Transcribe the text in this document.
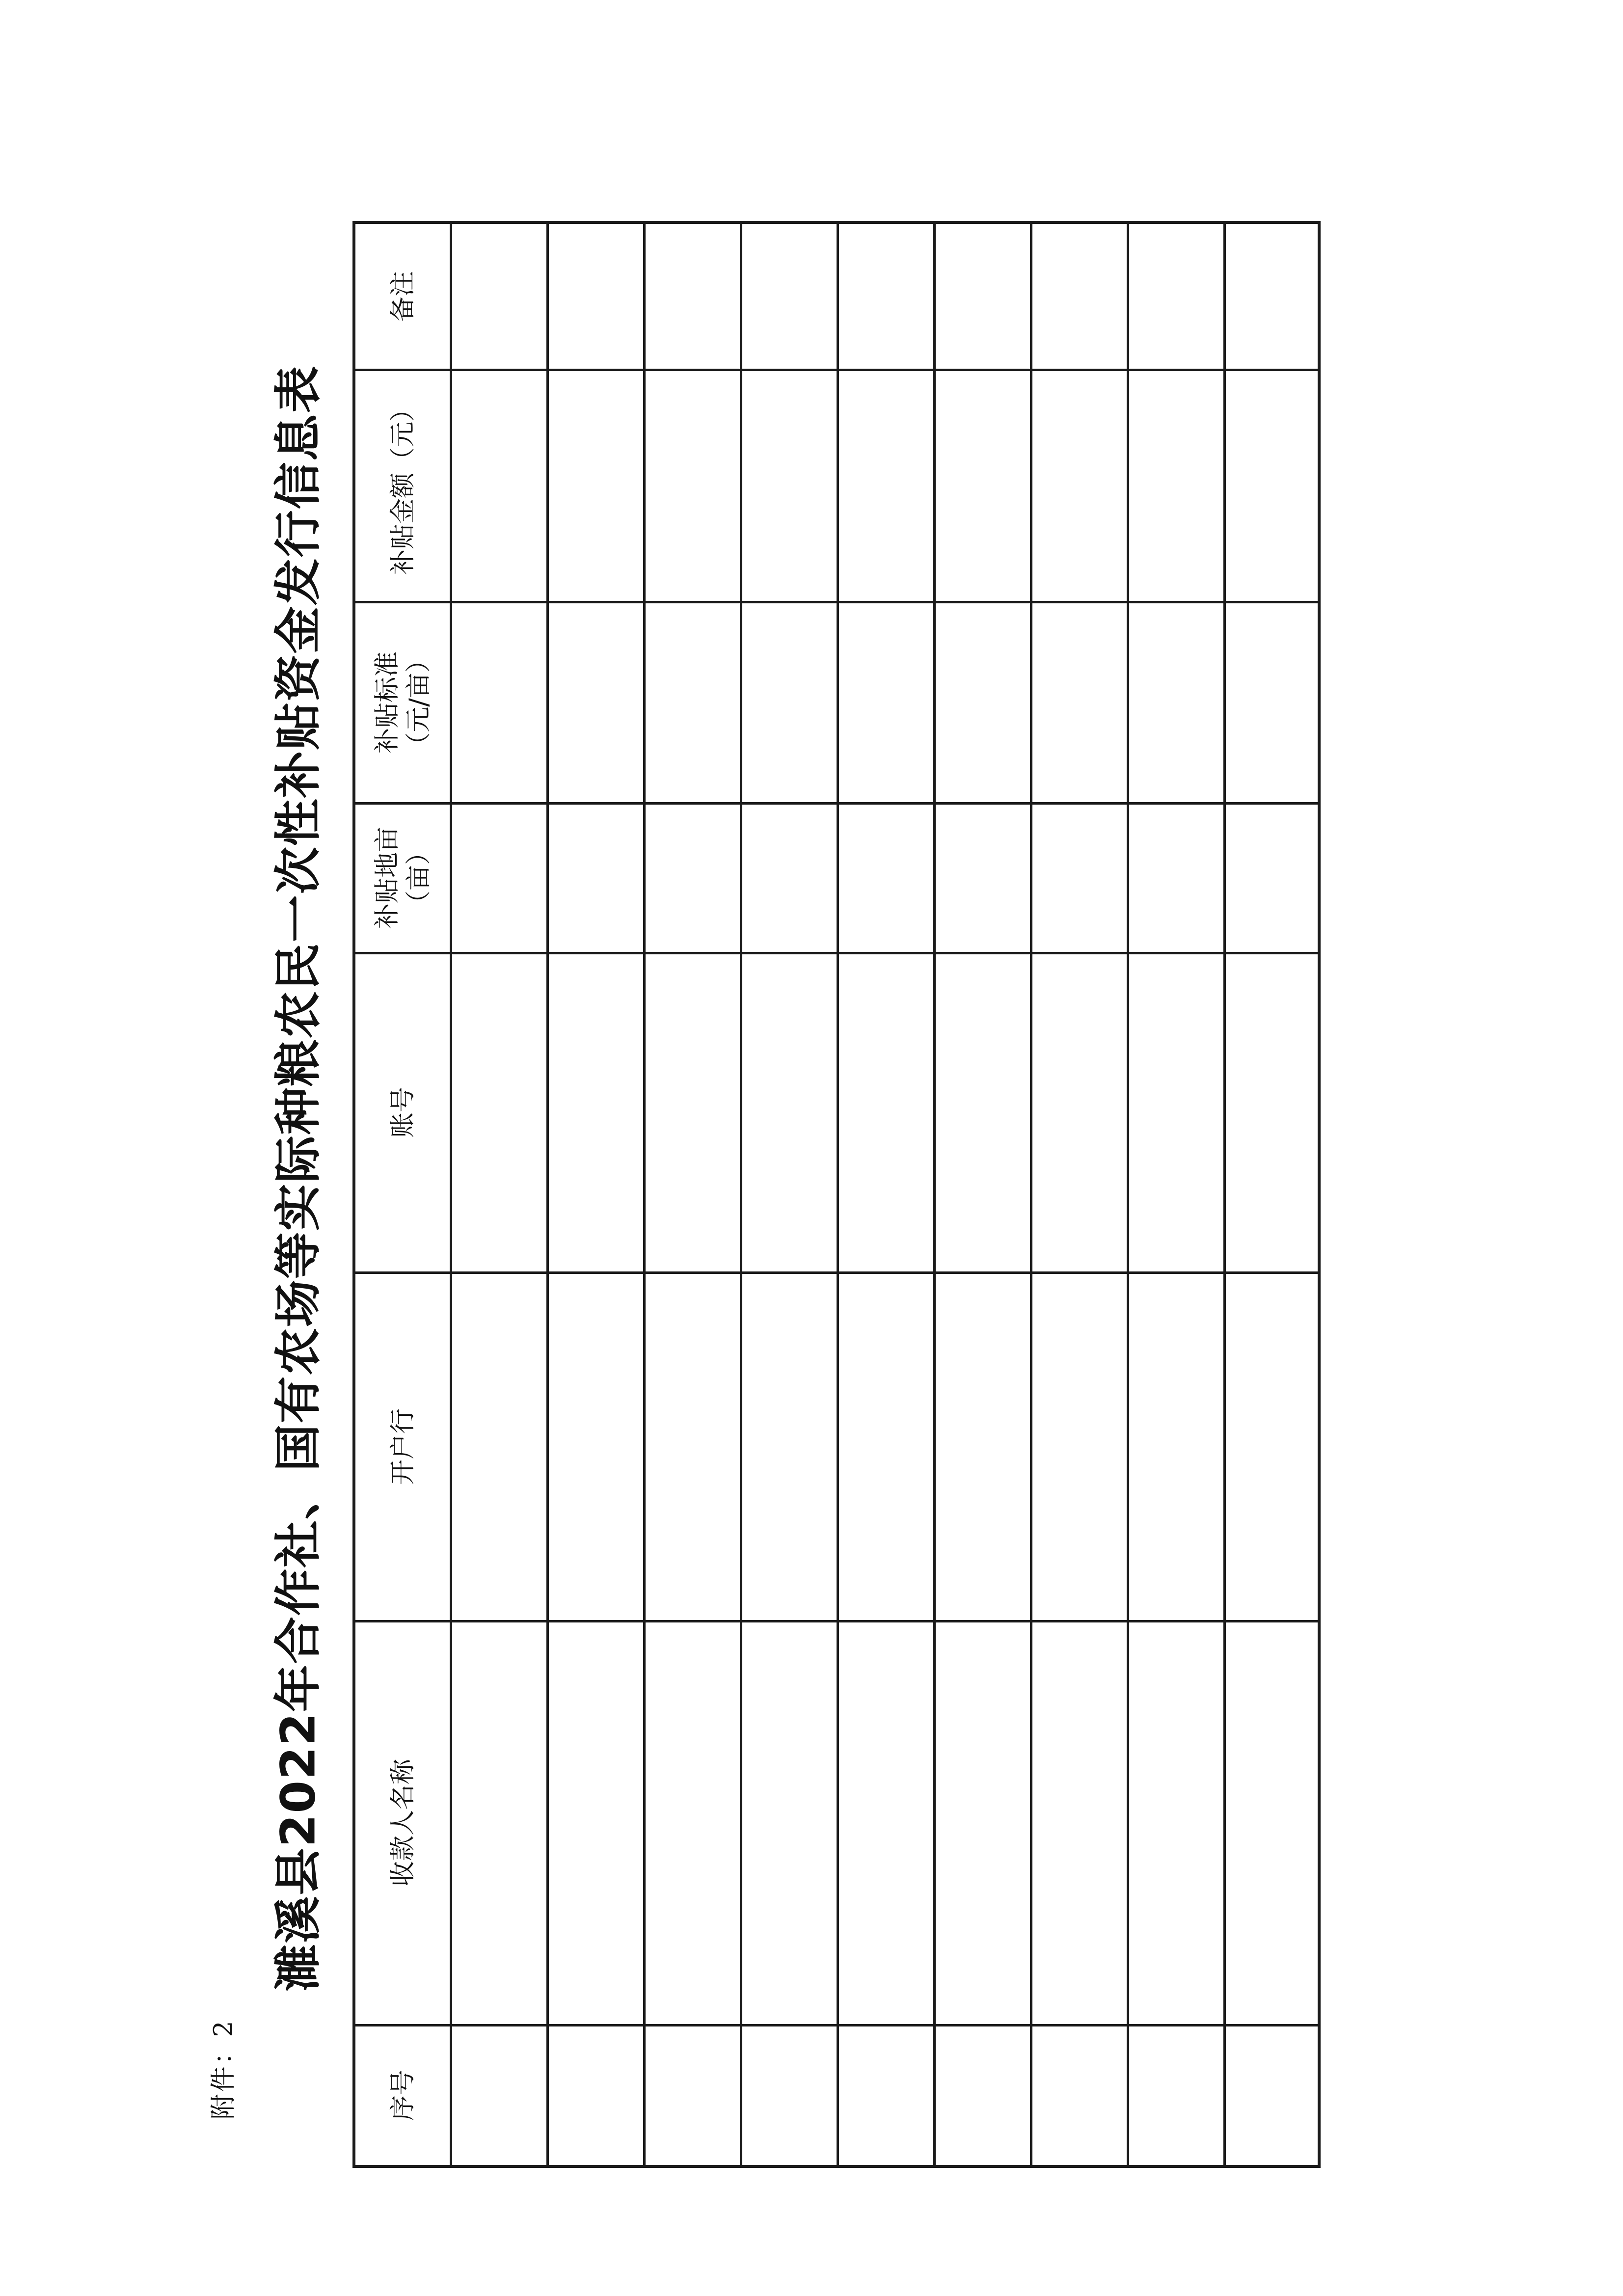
附件：2
濉溪县2022年合作社、国有农场等实际种粮农民一次性补贴资金发行信息表
备注
补贴金额（元）
补贴标准 （元/亩）
补贴地亩 （亩）
账号
开户行
收款人名称
序号
